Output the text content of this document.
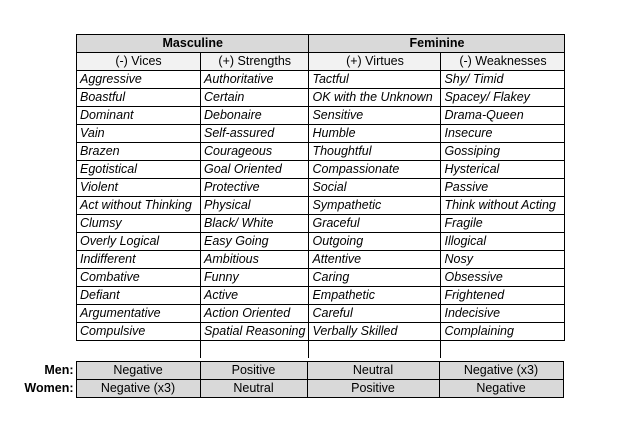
Masculine		Feminine	
(-) Vices	(+) Strengths	(+) Virtues	(-) Weaknesses
Aggressive	Authoritative	Tactful	Shy/ Timid
Boastful	Certain	OK with the Unknown	Spacey/ Flakey
Dominant	Debonaire	Sensitive	Drama-Queen
Vain	Self-assured	Humble	Insecure
Brazen	Courageous	Thoughtful	Gossiping
Egotistical	Goal Oriented	Compassionate	Hysterical
Violent	Protective	Social	Passive
Act without Thinking	Physical	Sympathetic	Think without Acting
Clumsy	Black/ White	Graceful	Fragile
Overly Logical	Easy Going	Outgoing	Illogical
Indifferent	Ambitious	Attentive	Nosy
Combative	Funny	Caring	Obsessive
Defiant	Active	Empathetic	Frightened
Argumentative	Action Oriented	Careful	Indecisive
Compulsive	Spatial Reasoning	Verbally Skilled	Complaining

Men:	Negative	Positive	Neutral	Negative (x3)
Women:	Negative (x3)	Neutral	Positive	Negative
